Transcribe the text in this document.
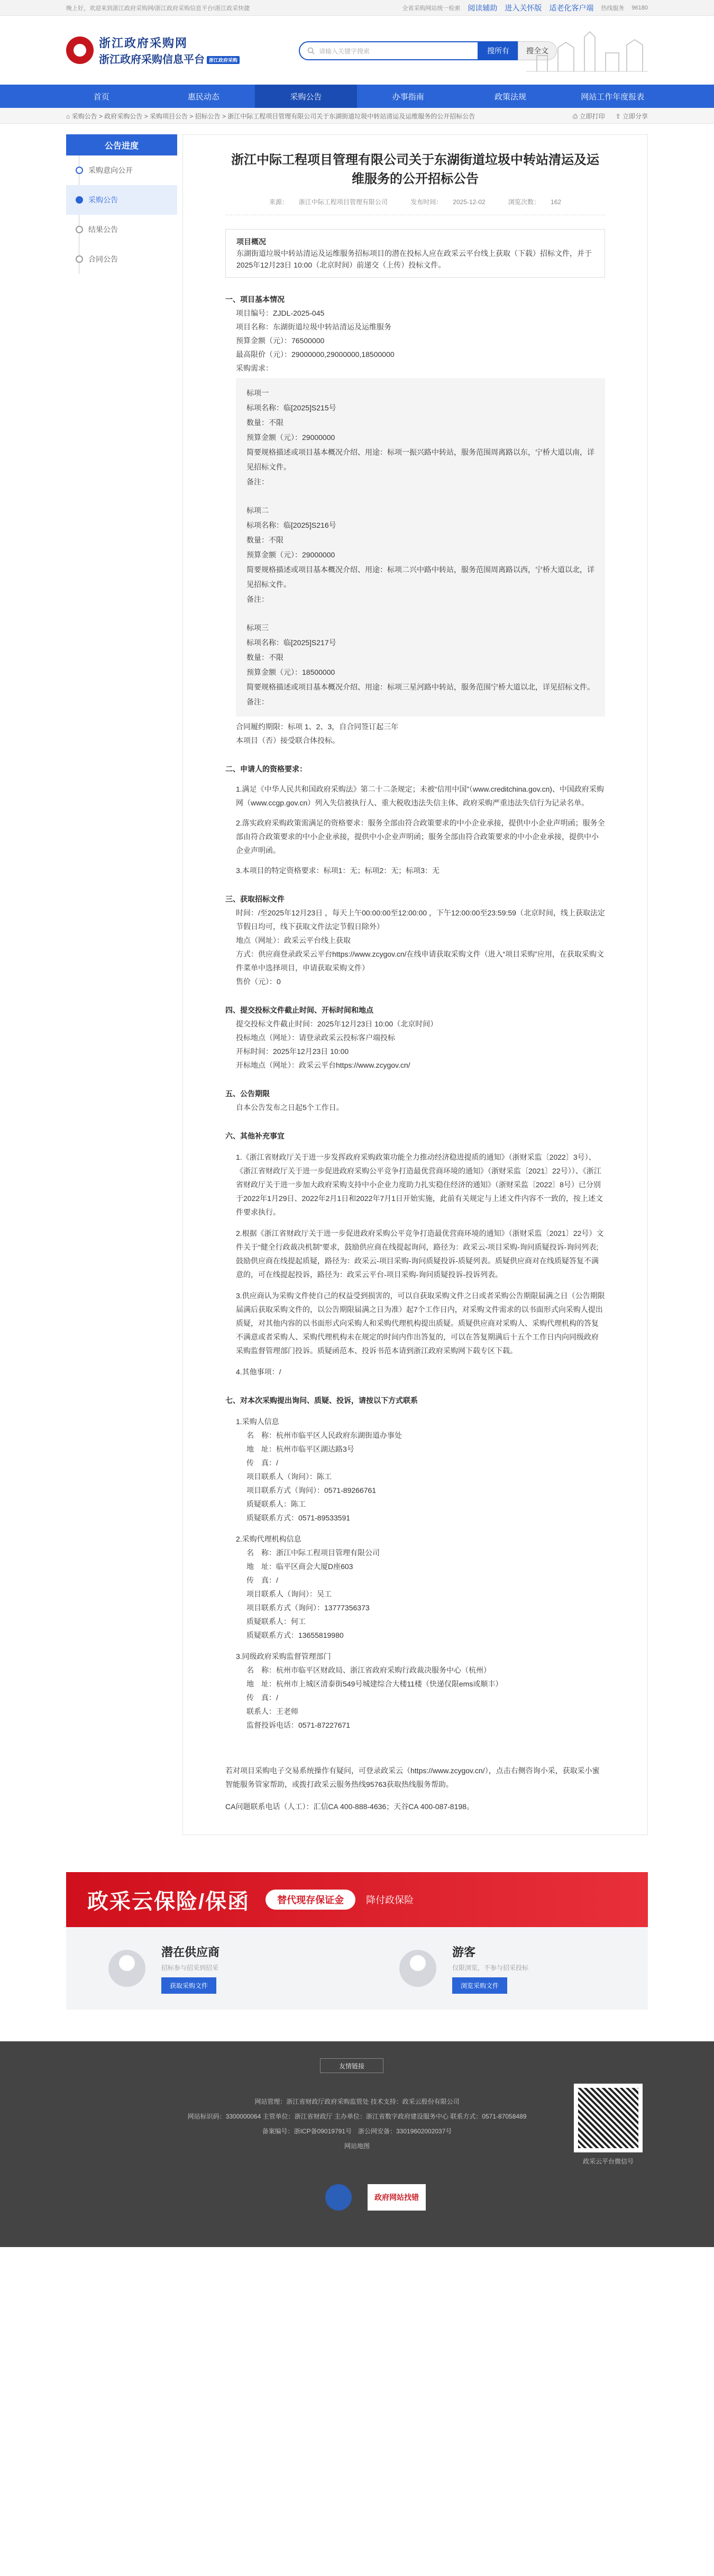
晚上好，欢迎来到浙江政府采购网/浙江政府采购信息平台!浙江政采快捷	全省采购网站统一检索 阅读辅助 进入关怀版 适老化客户端 热线服务 96180
浙江政府采购网
浙江政府采购信息平台 浙江政府采购
请输入关键字搜索	搜所有	搜全文
首页	惠民动态	采购公告	办事指南	政策法规	网站工作年度报表
⌂ 采购公告 > 政府采购公告 > 采购项目公告 > 招标公告 > 浙江中际工程项目管理有限公司关于东湖街道垃圾中转站清运及运维服务的公开招标公告	⎙ 立即打印 ⇪ 立即分享
公告进度
采购意向公开
采购公告
结果公告
合同公告
浙江中际工程项目管理有限公司关于东湖街道垃圾中转站清运及运维服务的公开招标公告
来源： 浙江中际工程项目管理有限公司	发布时间： 2025-12-02	浏览次数： 162
项目概况
东湖街道垃圾中转站清运及运维服务招标项目的潜在投标人应在政采云平台线上获取（下载）招标文件，并于2025年12月23日 10:00（北京时间）前递交（上传）投标文件。
一、项目基本情况

项目编号：ZJDL-2025-045

项目名称：东湖街道垃圾中转站清运及运维服务

预算金额（元）：76500000

最高限价（元）：29000000,29000000,18500000

采购需求：

标项一

标项名称：临[2025]S215号

数量：不限

预算金额（元）：29000000

简要规格描述或项目基本概况介绍、用途：标项一振兴路中转站，服务范围周离路以东，宁桥大道以南，详见招标文件。

备注：

标项二

标项名称：临[2025]S216号

数量：不限

预算金额（元）：29000000

简要规格描述或项目基本概况介绍、用途：标项二兴中路中转站，服务范围周离路以西，宁桥大道以北，详见招标文件。

备注：

标项三

标项名称：临[2025]S217号

数量：不限

预算金额（元）：18500000

简要规格描述或项目基本概况介绍、用途：标项三星河路中转站，服务范围宁桥大道以北，详见招标文件。

备注：

合同履约期限：标项 1、2、3，自合同签订起三年

本项目（否）接受联合体投标。

二、申请人的资格要求：

1.满足《中华人民共和国政府采购法》第二十二条规定；未被“信用中国”（www.creditchina.gov.cn)、中国政府采购网（www.ccgp.gov.cn）列入失信被执行人、重大税收违法失信主体、政府采购严重违法失信行为记录名单。

2.落实政府采购政策需满足的资格要求：服务全部由符合政策要求的中小企业承接，提供中小企业声明函；服务全部由符合政策要求的中小企业承接，提供中小企业声明函；服务全部由符合政策要求的中小企业承接，提供中小企业声明函。

3.本项目的特定资格要求：标项1：无；标项2：无；标项3：无

三、获取招标文件

时间：/至2025年12月23日 ，每天上午00:00:00至12:00:00 ，下午12:00:00至23:59:59（北京时间，线上获取法定节假日均可，线下获取文件法定节假日除外）

地点（网址）：政采云平台线上获取

方式：供应商登录政采云平台https://www.zcygov.cn/在线申请获取采购文件（进入“项目采购”应用，在获取采购文件菜单中选择项目，申请获取采购文件）

售价（元）：0

四、提交投标文件截止时间、开标时间和地点

提交投标文件截止时间：2025年12月23日 10:00（北京时间）

投标地点（网址）：请登录政采云投标客户端投标

开标时间：2025年12月23日 10:00

开标地点（网址）：政采云平台https://www.zcygov.cn/

五、公告期限

自本公告发布之日起5个工作日。

六、其他补充事宜

1.《浙江省财政厅关于进一步发挥政府采购政策功能全力推动经济稳进提质的通知》（浙财采监〔2022〕3号）、《浙江省财政厅关于进一步促进政府采购公平竞争打造最优营商环境的通知》（浙财采监〔2021〕22号））、《浙江省财政厅关于进一步加大政府采购支持中小企业力度助力扎实稳住经济的通知》（浙财采监〔2022〕8号）已分别于2022年1月29日、2022年2月1日和2022年7月1日开始实施，此前有关规定与上述文件内容不一致的，按上述文件要求执行。

2.根据《浙江省财政厅关于进一步促进政府采购公平竞争打造最优营商环境的通知》（浙财采监〔2021〕22号）文件关于“健全行政裁决机制”要求，鼓励供应商在线提起询问，路径为：政采云-项目采购-询问质疑投诉-询问列表;鼓励供应商在线提起质疑，路径为：政采云-项目采购-询问质疑投诉-质疑列表。质疑供应商对在线质疑答复不满意的，可在线提起投诉，路径为：政采云平台-项目采购-询问质疑投诉-投诉列表。

3.供应商认为采购文件使自己的权益受到损害的，可以自获取采购文件之日或者采购公告期限届满之日（公告期限届满后获取采购文件的，以公告期限届满之日为准）起7个工作日内，对采购文件需求的以书面形式向采购人提出质疑，对其他内容的以书面形式向采购人和采购代理机构提出质疑。质疑供应商对采购人、采购代理机构的答复不满意或者采购人、采购代理机构未在规定的时间内作出答复的，可以在答复期满后十五个工作日内向同级政府采购监督管理部门投诉。质疑函范本、投诉书范本请到浙江政府采购网下载专区下载。

4.其他事项：/

七、对本次采购提出询问、质疑、投诉，请按以下方式联系

1.采购人信息

名　称：杭州市临平区人民政府东湖街道办事处

地　址：杭州市临平区湖达路3号

传　真：/

项目联系人（询问）：陈工

项目联系方式（询问）：0571-89266761

质疑联系人：陈工

质疑联系方式：0571-89533591

2.采购代理机构信息

名　称：浙江中际工程项目管理有限公司

地　址：临平区商会大厦D座603

传　真：/

项目联系人（询问）：吴工

项目联系方式（询问）：13777356373

质疑联系人：何工

质疑联系方式：13655819980

3.同级政府采购监督管理部门

名　称：杭州市临平区财政局、浙江省政府采购行政裁决服务中心（杭州）

地　址：杭州市上城区清泰街549号城建综合大楼11楼（快递仅限ems或顺丰）

传　真：/

联系人：王老师

监督投诉电话：0571-87227671

若对项目采购电子交易系统操作有疑问，可登录政采云（https://www.zcygov.cn/），点击右侧咨询小采，获取采小蜜智能服务管家帮助，或拨打政采云服务热线95763获取热线服务帮助。

CA问题联系电话（人工）：汇信CA 400-888-4636；天谷CA 400-087-8198。

政采云保险/保函	替代现存保证金	降付政保险
潜在供应商
招标参与招采到招采
获取采购文件
游客
仅限浏览，不参与招采投标
浏览采购文件
友情链接
网站管理：浙江省财政厅政府采购监管处 技术支持：政采云股份有限公司
网站标识码：3300000064 主管单位：浙江省财政厅 主办单位：浙江省数字政府建设服务中心 联系方式：0571-87058489
备案编号：浙ICP备09019791号　浙公网安备：33019602002037号
网站地图
政采云平台微信号
政府网站找错
